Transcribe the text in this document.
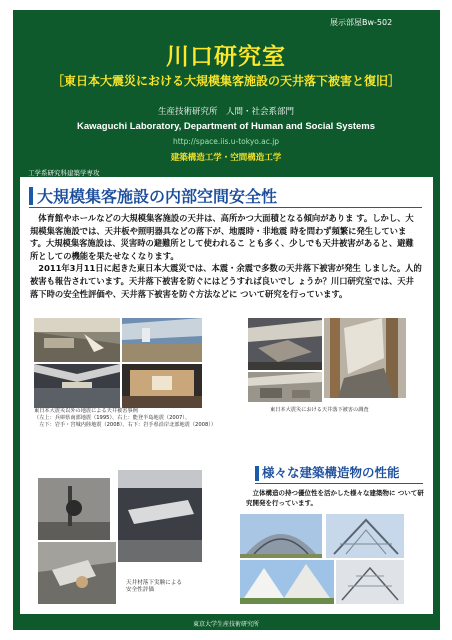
展示部屋Bw-502
川口研究室
［東日本大震災における大規模集客施設の天井落下被害と復旧］
生産技術研究所　人間・社会系部門
Kawaguchi Laboratory, Department of Human and Social Systems
http://space.iis.u-tokyo.ac.jp
建築構造工学・空間構造工学
工学系研究科建築学専攻
大規模集客施設の内部空間安全性

　体育館やホールなどの大規模集客施設の天井は、高所かつ大面積となる傾向がありま す。しかし、大規模集客施設では、天井板や照明器具などの落下が、地震時・非地震 時を問わず頻繁に発生しています。大規模集客施設は、災害時の避難所として使われるこ とも多く、少しでも天井被害があると、避難所としての機能を果たせなくなります。
　2011年3月11日に起きた東日本大震災では、本震・余震で多数の天井落下被害が発生 しました。人的被害も報告されています。天井落下被害を防ぐにはどうすれば良いでし ょうか？川口研究室では、天井落下時の安全性評価や、天井落下被害を防ぐ方法などに ついて研究を行っています。

東日本大震災以外の地震による天井被害事例
（左上：兵庫県南部地震（1995）、右上：能登半島地震（2007）、
　左下：岩手・宮城内陸地震（2008）、右下：岩手県沿岸北部地震（2008））

東日本大震災における天井落下被害の調査

様々な建築構造物の性能

　立体構造の持つ優位性を活かした様々な建築物に ついて研究開発を行っています。

天井材落下実験による
安全性評価

東京大学生産技術研究所
